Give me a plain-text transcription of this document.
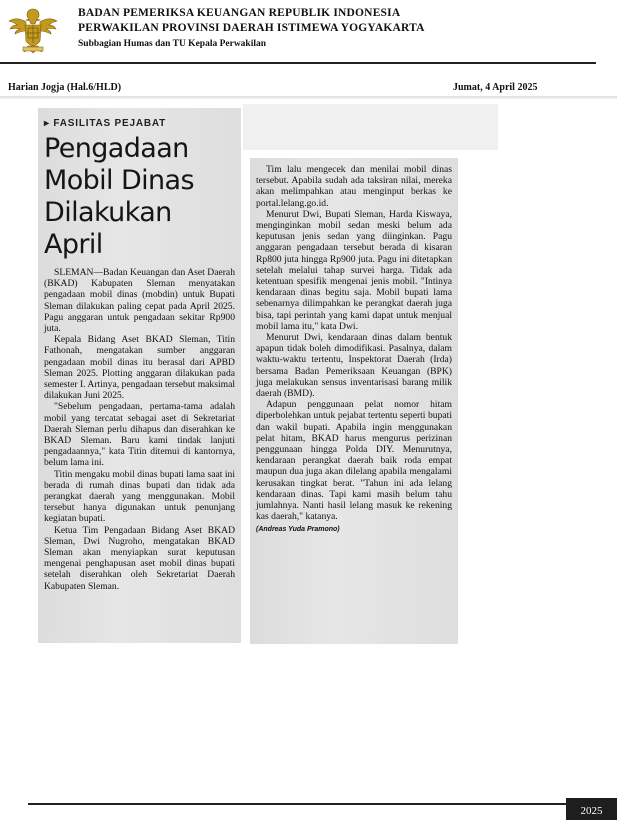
BADAN PEMERIKSA KEUANGAN REPUBLIK INDONESIA
PERWAKILAN PROVINSI DAERAH ISTIMEWA YOGYAKARTA
Subbagian Humas dan TU Kepala Perwakilan
Harian Jogja (Hal.6/HLD)	Jumat, 4 April 2025
▸ FASILITAS PEJABAT
Pengadaan Mobil Dinas Dilakukan April

SLEMAN—Badan Keuangan dan Aset Daerah (BKAD) Kabupaten Sleman menyatakan pengadaan mobil dinas (mobdin) untuk Bupati Sleman dilakukan paling cepat pada April 2025. Pagu anggaran untuk pengadaan sekitar Rp900 juta.

Kepala Bidang Aset BKAD Sleman, Titin Fathonah, mengatakan sumber anggaran pengadaan mobil dinas itu berasal dari APBD Sleman 2025. Plotting anggaran dilakukan pada semester I. Artinya, pengadaan tersebut maksimal dilakukan Juni 2025.

"Sebelum pengadaan, pertama-tama adalah mobil yang tercatat sebagai aset di Sekretariat Daerah Sleman perlu dihapus dan diserahkan ke BKAD Sleman. Baru kami tindak lanjuti pengadaannya," kata Titin ditemui di kantornya, belum lama ini.

Titin mengaku mobil dinas bupati lama saat ini berada di rumah dinas bupati dan tidak ada perangkat daerah yang menggunakan. Mobil tersebut hanya digunakan untuk penunjang kegiatan bupati.

Ketua Tim Pengadaan Bidang Aset BKAD Sleman, Dwi Nugroho, mengatakan BKAD Sleman akan menyiapkan surat keputusan mengenai penghapusan aset mobil dinas bupati setelah diserahkan oleh Sekretariat Daerah Kabupaten Sleman.

Tim lalu mengecek dan menilai mobil dinas tersebut. Apabila sudah ada taksiran nilai, mereka akan melimpahkan atau menginput berkas ke portal.lelang.go.id.

Menurut Dwi, Bupati Sleman, Harda Kiswaya, menginginkan mobil sedan meski belum ada keputusan jenis sedan yang diinginkan. Pagu anggaran pengadaan tersebut berada di kisaran Rp800 juta hingga Rp900 juta. Pagu ini ditetapkan setelah melalui tahap survei harga. Tidak ada ketentuan spesifik mengenai jenis mobil. "Intinya kendaraan dinas begitu saja. Mobil bupati lama sebenarnya dilimpahkan ke perangkat daerah juga bisa, tapi perintah yang kami dapat untuk menjual mobil lama itu," kata Dwi.

Menurut Dwi, kendaraan dinas dalam bentuk apapun tidak boleh dimodifikasi. Pasalnya, dalam waktu-waktu tertentu, Inspektorat Daerah (Irda) bersama Badan Pemeriksaan Keuangan (BPK) juga melakukan sensus inventarisasi barang milik daerah (BMD).

Adapun penggunaan pelat nomor hitam diperbolehkan untuk pejabat tertentu seperti bupati dan wakil bupati. Apabila ingin menggunakan pelat hitam, BKAD harus mengurus perizinan penggunaan hingga Polda DIY. Menurutnya, kendaraan perangkat daerah baik roda empat maupun dua juga akan dilelang apabila mengalami kerusakan tingkat berat. "Tahun ini ada lelang kendaraan dinas. Tapi kami masih belum tahu jumlahnya. Nanti hasil lelang masuk ke rekening kas daerah," katanya.

(Andreas Yuda Pramono)
2025
